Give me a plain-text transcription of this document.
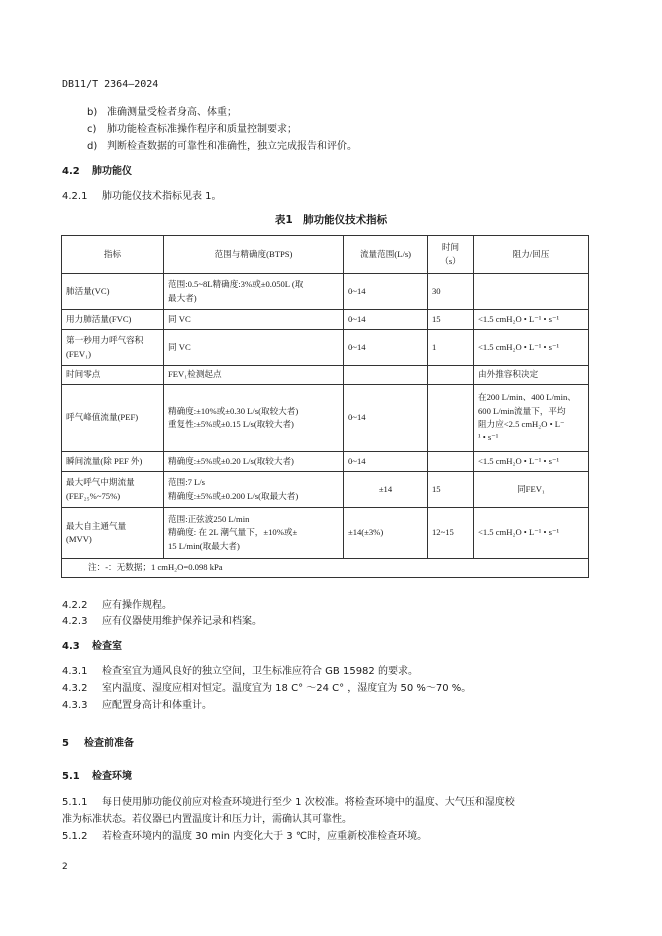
DB11/T 2364—2024
b) 准确测量受检者身高、体重；
c) 肺功能检查标准操作程序和质量控制要求；
d) 判断检查数据的可靠性和准确性，独立完成报告和评价。
4.2 肺功能仪
4.2.1 肺功能仪技术指标见表 1。
表1　肺功能仪技术指标
指标	范围与精确度(BTPS)	流量范围(L/s)	时间
（s）	阻力/回压
肺活量(VC)	范围:0.5~8L精确度:3%或±0.050L (取
最大者)	0~14	30	
用力肺活量(FVC)	同 VC	0~14	15	<1.5 cmH₂O • L⁻¹ • s⁻¹
第一秒用力呼气容积
(FEV₁)	同 VC	0~14	1	<1.5 cmH₂O • L⁻¹ • s⁻¹
时间零点	FEV₁检测起点			由外推容积决定
呼气峰值流量(PEF)	精确度:±10%或±0.30 L/s(取较大者)
重复性:±5%或±0.15 L/s(取较大者)	0~14		在200 L/min、400 L/min、
600 L/min流量下，平均
阻力应<2.5 cmH₂O • L⁻
¹ • s⁻¹
瞬间流量(除 PEF 外)	精确度:±5%或±0.20 L/s(取较大者)	0~14		<1.5 cmH₂O • L⁻¹ • s⁻¹
最大呼气中期流量
(FEF₂₅%~75%)	范围:7 L/s
精确度:±5%或±0.200 L/s(取最大者)	±14	15	同FEV₁
最大自主通气量
(MVV)	范围:正弦波250 L/min
精确度: 在 2L 潮气量下，±10%或±
15 L/min(取最大者)	±14(±3%)	12~15	<1.5 cmH₂O • L⁻¹ • s⁻¹
注：-：无数据；1 cmH₂O=0.098 kPa				
4.2.2 应有操作规程。
4.2.3 应有仪器使用维护保养记录和档案。
4.3 检查室
4.3.1 检查室宜为通风良好的独立空间，卫生标准应符合 GB 15982 的要求。
4.3.2 室内温度、湿度应相对恒定。温度宜为 18 C° ～24 C° ，湿度宜为 50 %～70 %。
4.3.3 应配置身高计和体重计。
5 检查前准备
5.1 检查环境
5.1.1 每日使用肺功能仪前应对检查环境进行至少 1 次校准。将检查环境中的温度、大气压和湿度校
准为标准状态。若仪器已内置温度计和压力计，需确认其可靠性。
5.1.2 若检查环境内的温度 30 min 内变化大于 3 ℃时，应重新校准检查环境。
2
